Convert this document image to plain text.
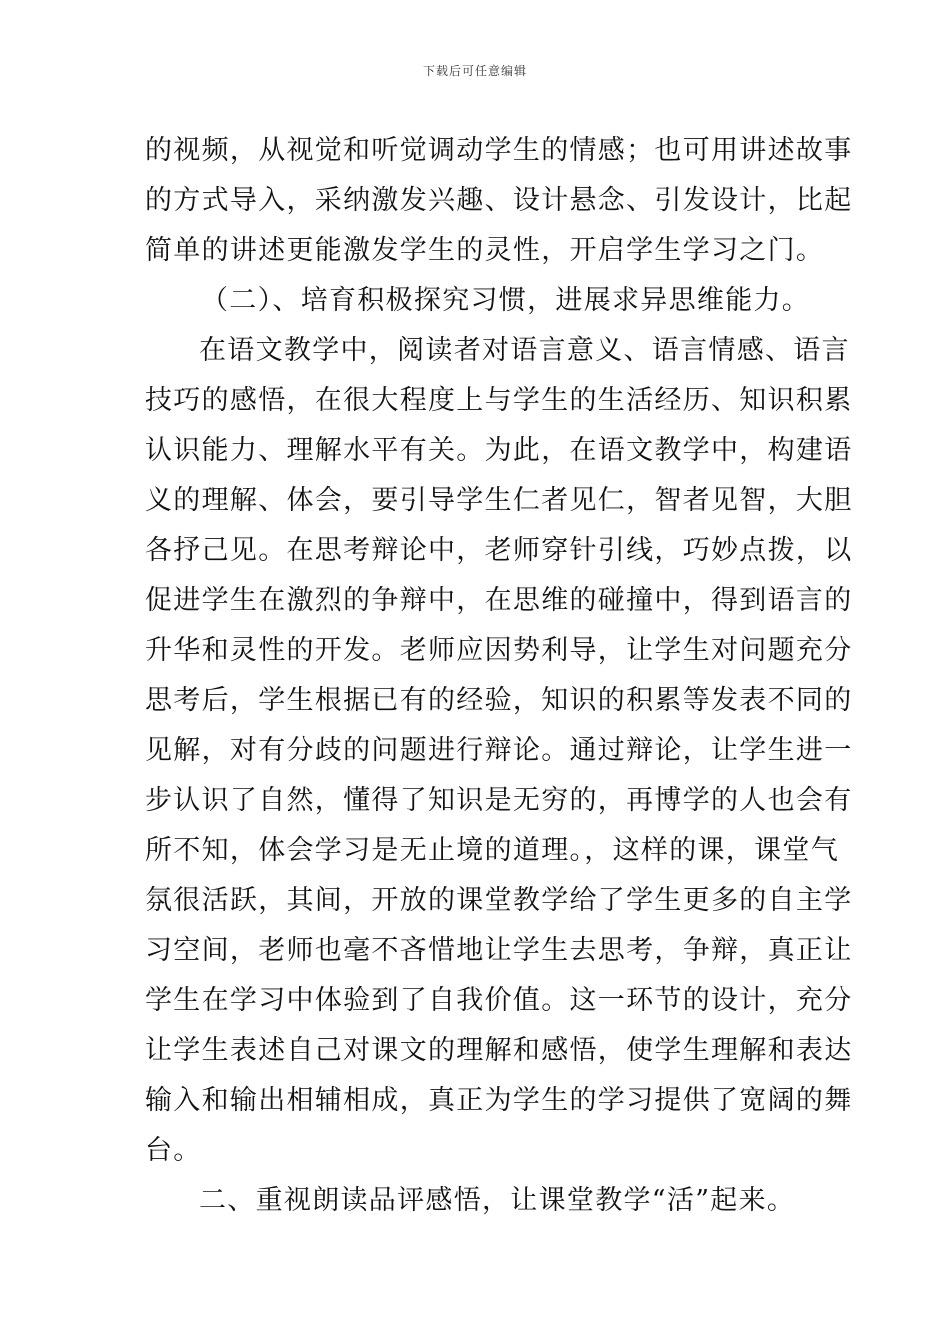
下载后可任意编辑
的视频，从视觉和听觉调动学生的情感；也可用讲述故事
的方式导入，采纳激发兴趣、设计悬念、引发设计，比起
简单的讲述更能激发学生的灵性，开启学生学习之门。
（二）、培育积极探究习惯，进展求异思维能力。
在语文教学中，阅读者对语言意义、语言情感、语言
技巧的感悟，在很大程度上与学生的生活经历、知识积累
认识能力、理解水平有关。为此，在语文教学中，构建语
义的理解、体会，要引导学生仁者见仁，智者见智，大胆
各抒己见。在思考辩论中，老师穿针引线，巧妙点拨，以
促进学生在激烈的争辩中，在思维的碰撞中，得到语言的
升华和灵性的开发。老师应因势利导，让学生对问题充分
思考后，学生根据已有的经验，知识的积累等发表不同的
见解，对有分歧的问题进行辩论。通过辩论，让学生进一
步认识了自然，懂得了知识是无穷的，再博学的人也会有
所不知，体会学习是无止境的道理。，这样的课，课堂气
氛很活跃，其间，开放的课堂教学给了学生更多的自主学
习空间，老师也毫不吝惜地让学生去思考，争辩，真正让
学生在学习中体验到了自我价值。这一环节的设计，充分
让学生表述自己对课文的理解和感悟，使学生理解和表达
输入和输出相辅相成，真正为学生的学习提供了宽阔的舞
台。
二、重视朗读品评感悟，让课堂教学“活”起来。
